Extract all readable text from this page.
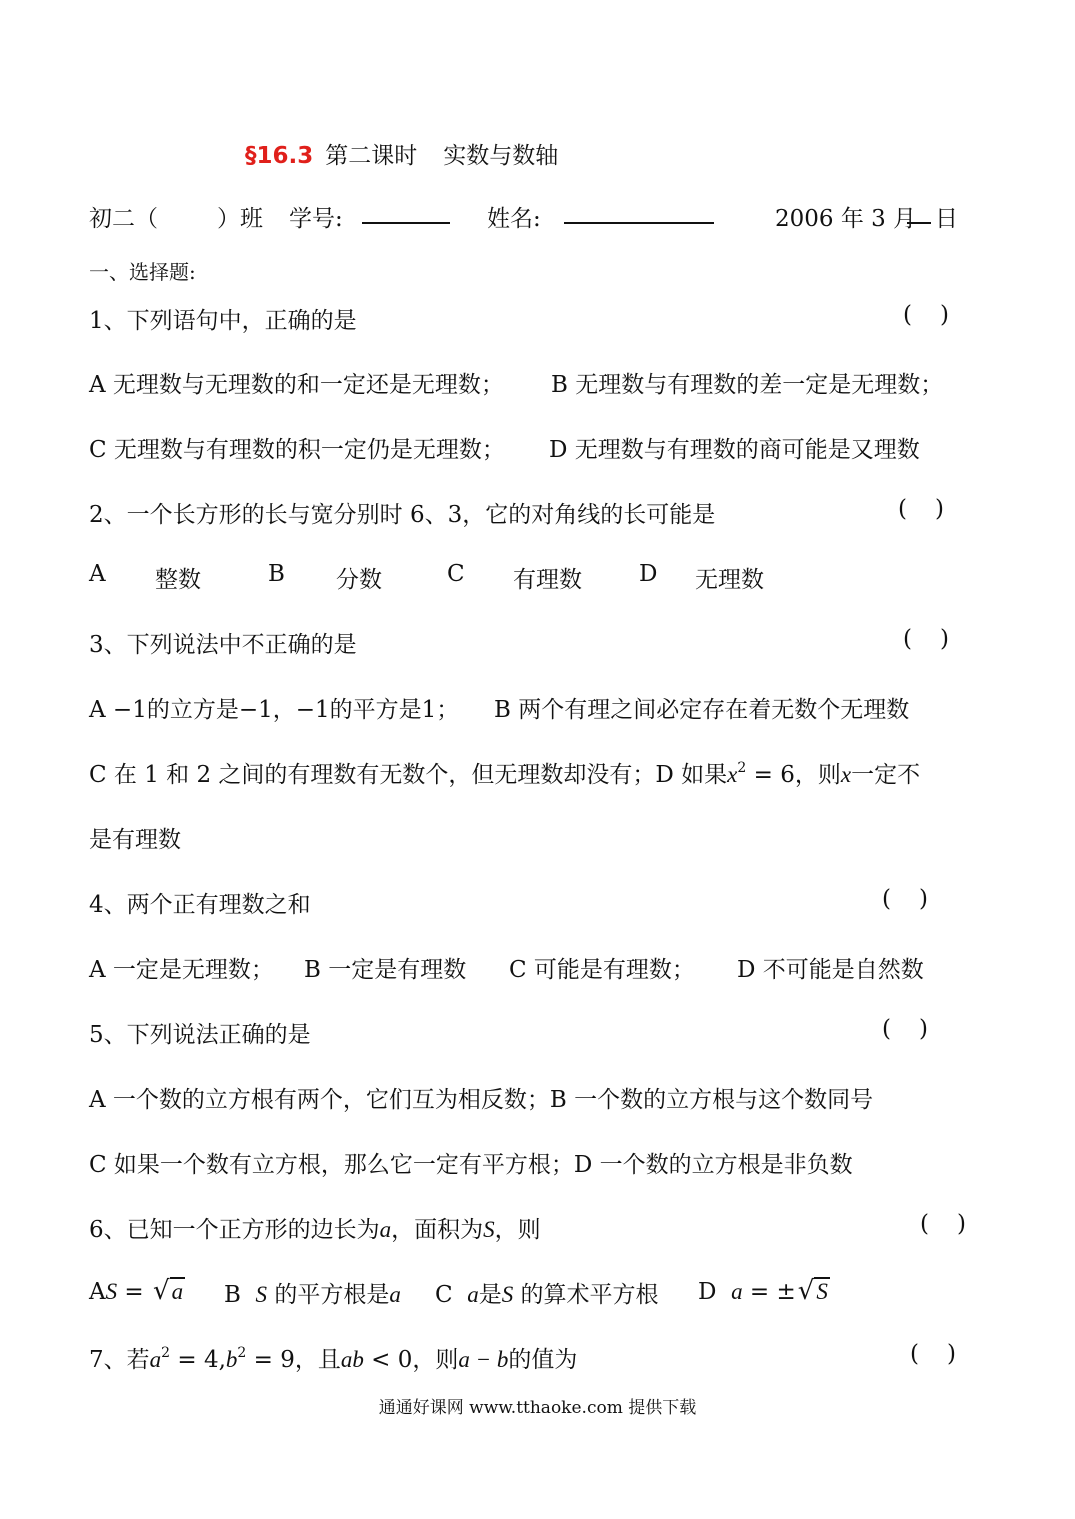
§16.3 第二课时 实数与数轴
初二（	）班 学号:	姓名:	2006 年 3 月 日
一、选择题:
1、下列语句中，正确的是	( )
A 无理数与无理数的和一定还是无理数； B 无理数与有理数的差一定是无理数；
C 无理数与有理数的积一定仍是无理数； D 无理数与有理数的商可能是又理数
2、一个长方形的长与宽分别时 6、3，它的对角线的长可能是	( )
A 整数	B 分数	C 有理数 D 无理数
3、下列说法中不正确的是	( )
A −1的立方是−1，−1的平方是1； B 两个有理之间必定存在着无数个无理数
C 在 1 和 2 之间的有理数有无数个，但无理数却没有；D 如果$x^2 = 6$，则x一定不
是有理数
4、两个正有理数之和	( )
A 一定是无理数； B 一定是有理数 C 可能是有理数； D 不可能是自然数
5、下列说法正确的是	( )
A 一个数的立方根有两个，它们互为相反数；B 一个数的立方根与这个数同号
C 如果一个数有立方根，那么它一定有平方根；D 一个数的立方根是非负数
6、已知一个正方形的边长为a，面积为S，则	( )
AS = √a B S 的平方根是a C a是S 的算术平方根 D a = ±√S
7、若$a^2 = 4,b^2 = 9$，且ab < 0，则a − b的值为	( )
通通好课网 www.tthaoke.com 提供下载
